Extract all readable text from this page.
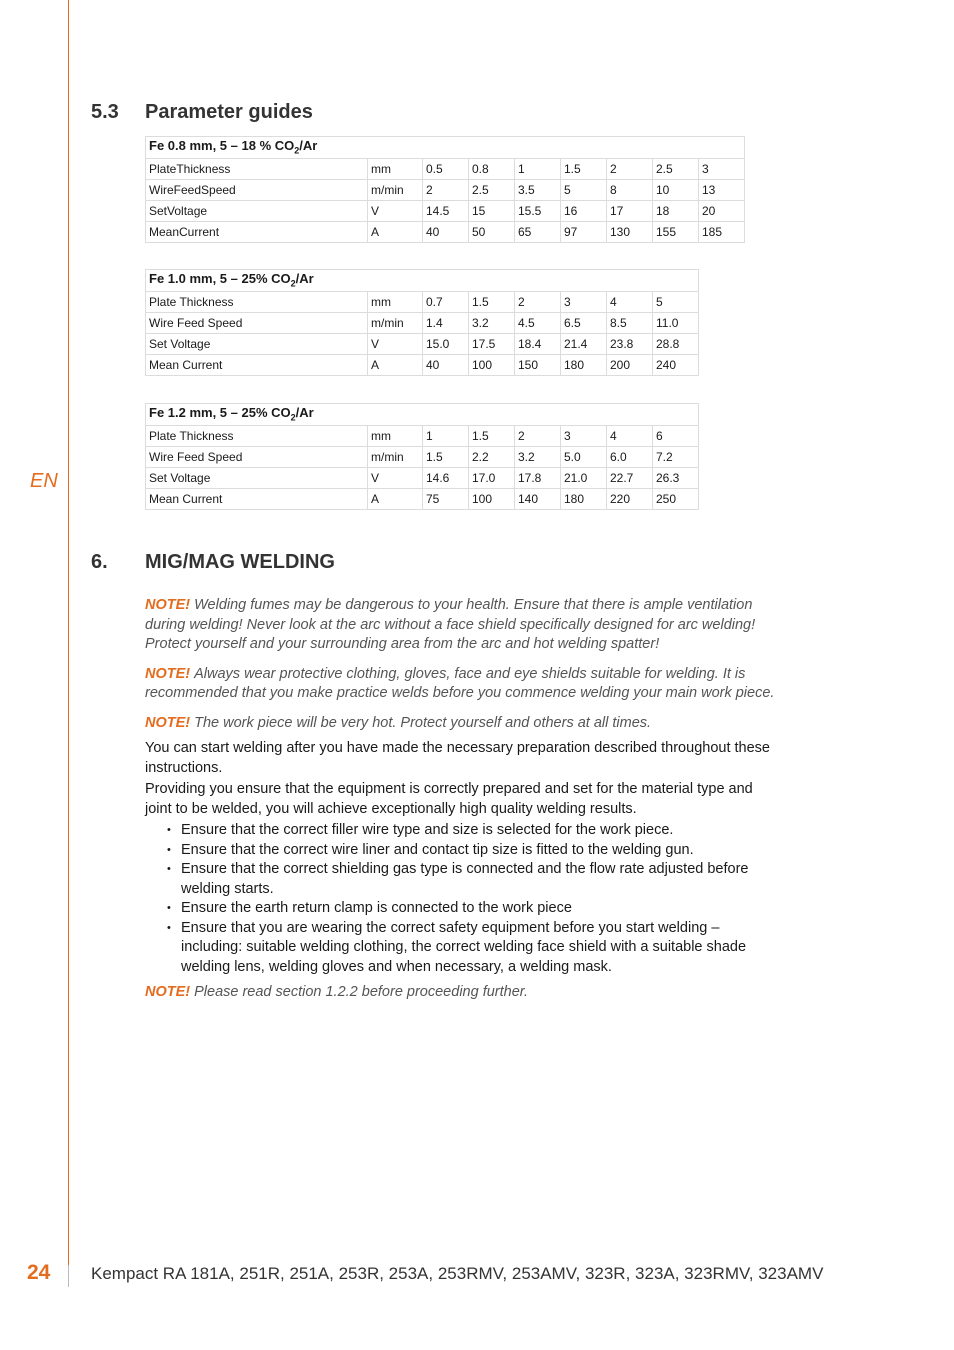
EN
5.3 Parameter guides
Fe 0.8 mm, 5 – 18 % $CO_2/Ar$								
PlateThickness	mm	0.5	0.8	1	1.5	2	2.5	3
WireFeedSpeed	m/min	2	2.5	3.5	5	8	10	13
SetVoltage	V	14.5	15	15.5	16	17	18	20
MeanCurrent	A	40	50	65	97	130	155	185
Fe 1.0 mm, 5 – 25% $CO_2/Ar$							
Plate Thickness	mm	0.7	1.5	2	3	4	5
Wire Feed Speed	m/min	1.4	3.2	4.5	6.5	8.5	11.0
Set Voltage	V	15.0	17.5	18.4	21.4	23.8	28.8
Mean Current	A	40	100	150	180	200	240
Fe 1.2 mm, 5 – 25% $CO_2/Ar$							
Plate Thickness	mm	1	1.5	2	3	4	6
Wire Feed Speed	m/min	1.5	2.2	3.2	5.0	6.0	7.2
Set Voltage	V	14.6	17.0	17.8	21.0	22.7	26.3
Mean Current	A	75	100	140	180	220	250
6. MIG/MAG WELDING

NOTE! Welding fumes may be dangerous to your health. Ensure that there is ample ventilation during welding! Never look at the arc without a face shield specifically designed for arc welding! Protect yourself and your surrounding area from the arc and hot welding spatter!

NOTE! Always wear protective clothing, gloves, face and eye shields suitable for welding. It is recommended that you make practice welds before you commence welding your main work piece.

NOTE! The work piece will be very hot. Protect yourself and others at all times.

You can start welding after you have made the necessary preparation described throughout these instructions.

Providing you ensure that the equipment is correctly prepared and set for the material type and joint to be welded, you will achieve exceptionally high quality welding results.

• Ensure that the correct filler wire type and size is selected for the work piece.
• Ensure that the correct wire liner and contact tip size is fitted to the welding gun.
• Ensure that the correct shielding gas type is connected and the flow rate adjusted before welding starts.
• Ensure the earth return clamp is connected to the work piece
• Ensure that you are wearing the correct safety equipment before you start welding – including: suitable welding clothing, the correct welding face shield with a suitable shade welding lens, welding gloves and when necessary, a welding mask.

NOTE! Please read section 1.2.2 before proceeding further.

24 Kempact RA 181A, 251R, 251A, 253R, 253A, 253RMV, 253AMV, 323R, 323A, 323RMV, 323AMV
